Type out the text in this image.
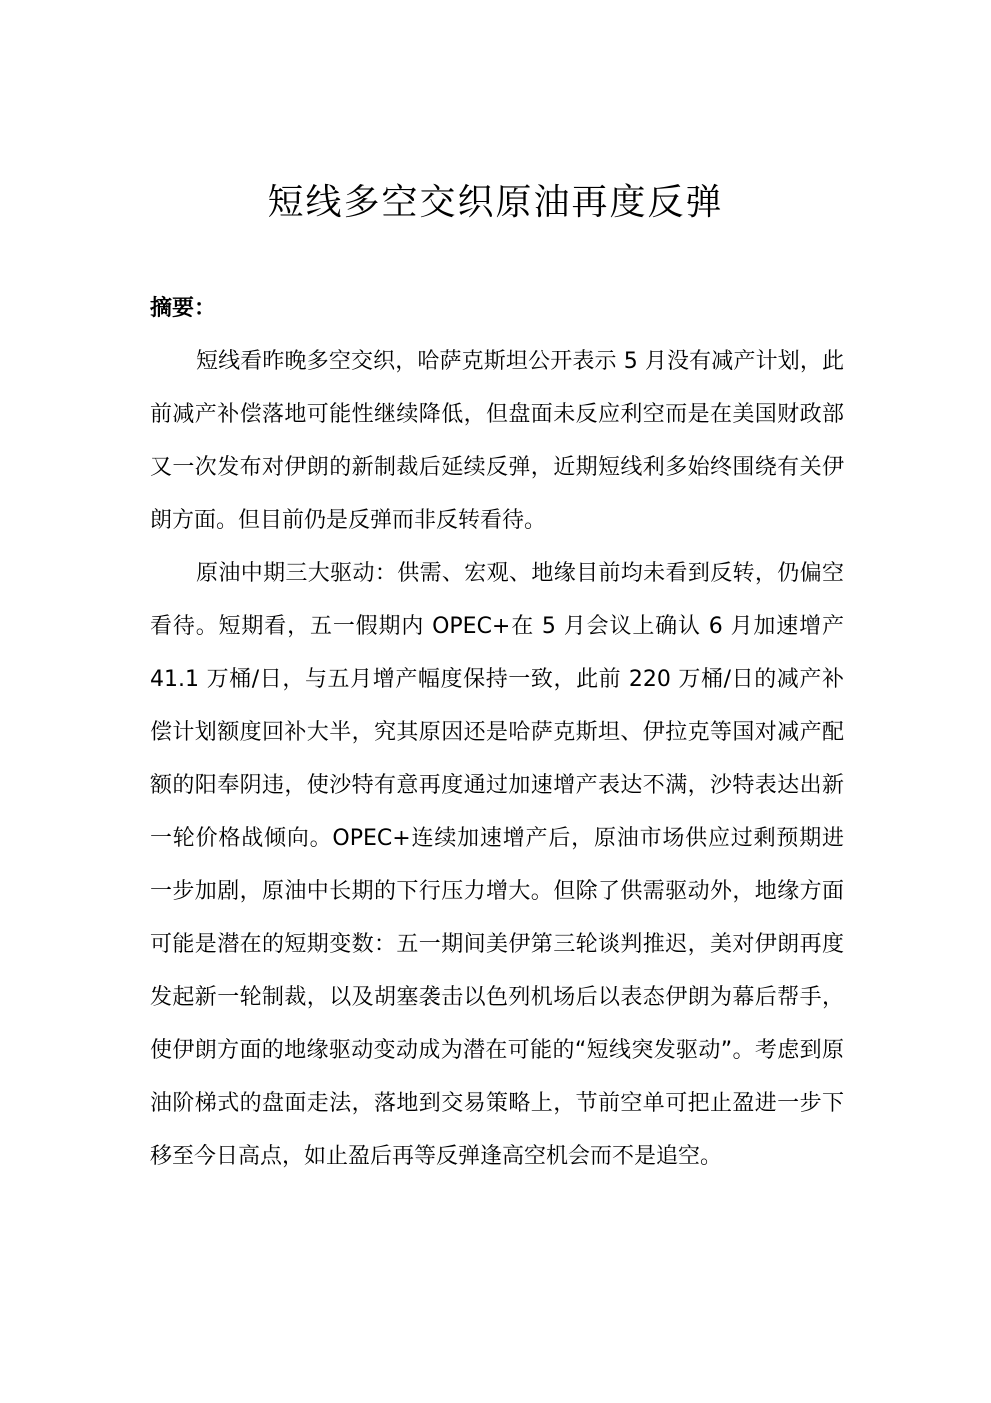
短线多空交织原油再度反弹

摘要：

短线看昨晚多空交织，哈萨克斯坦公开表示 5 月没有减产计划，此前减产补偿落地可能性继续降低，但盘面未反应利空而是在美国财政部又一次发布对伊朗的新制裁后延续反弹，近期短线利多始终围绕有关伊朗方面。但目前仍是反弹而非反转看待。

原油中期三大驱动：供需、宏观、地缘目前均未看到反转，仍偏空看待。短期看，五一假期内 OPEC+在 5 月会议上确认 6 月加速增产 41.1 万桶/日，与五月增产幅度保持一致，此前 220 万桶/日的减产补偿计划额度回补大半，究其原因还是哈萨克斯坦、伊拉克等国对减产配额的阳奉阴违，使沙特有意再度通过加速增产表达不满，沙特表达出新一轮价格战倾向。OPEC+连续加速增产后，原油市场供应过剩预期进一步加剧，原油中长期的下行压力增大。但除了供需驱动外，地缘方面可能是潜在的短期变数：五一期间美伊第三轮谈判推迟，美对伊朗再度发起新一轮制裁，以及胡塞袭击以色列机场后以表态伊朗为幕后帮手，使伊朗方面的地缘驱动变动成为潜在可能的“短线突发驱动”。考虑到原油阶梯式的盘面走法，落地到交易策略上，节前空单可把止盈进一步下移至今日高点，如止盈后再等反弹逢高空机会而不是追空。
